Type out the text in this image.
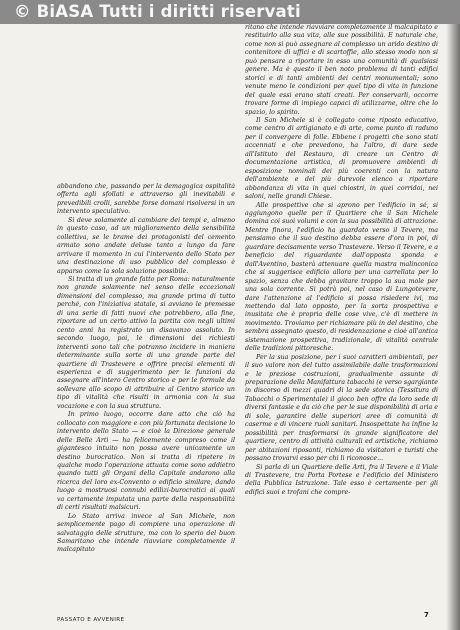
© BiASA Tutti i diritti riservati

abbandono che, passando per la demagogica ospitalità offerta agli sfollati e attraverso gli inevitabili e prevedibili crolli, sarebbe forse domani risolversi in un intervento speculativo.

Si deve solamente al cambiare dei tempi e, almeno in questo caso, ad un miglioramento della sensibilità collettiva, se le brame dei protagonisti del cemento armato sono andate deluse tanto a lungo da fare arrivare il momento in cui l'intervento dello Stato per una destinazione di uso pubblico del complesso è apparso come la sola soluzione possibile.

Si tratta di un grande fatto per Roma: naturalmente non grande solamente nel senso delle eccezionali dimensioni del complesso, ma grande prima di tutto perché, con l'iniziativa statale, si avviano le premesse di una serie di fatti nuovi che potrebbero, alla fine, riportare ad un certo attivo la partita con negli ultimi cento anni ha registrato un disavanzo assoluto. In secondo luogo, poi, le dimensioni dei richiesti interventi sono tali che potranno incidere in maniera determinante sulla sorte di una grande parte del quartiere di Trastevere e offrire precisi elementi di esperienza e di suggerimento per le funzioni da assegnare all'intero Centro storico e per le formule da sollevare allo scopo di attribuire al Centro storico un tipo di vitalità che risulti in armonia con la sua vocazione e con la sua struttura.

In primo luogo, occorre dare atto che ciò ha collocato con maggiore e con più fortunata decisione lo intervento dello Stato — e cioè la Direzione generale delle Belle Arti — ha felicemente compreso come il gigantesco intuito non possa avere unicamente un destino burocratico. Non si tratta di ripetere in qualche modo l'operazione attuata come sono addietro quando tutti gli Organi della Capitale andarono alla ricerca del loro ex-Convento o edificio similare, dando luogo a mostruosi connubi edilizi-burocratici ai quali va certamente imputata una parte della responsabilità di certi risultati malsicuri.

Lo Stato arriva invece al San Michele, non semplicemente pago di compiere una operazione di salvataggio delle strutture, ma con lo sperio del buon Samaritano che intende riavviare completamente il malcapitato

ritano che intende riavviare completamente il malcapitato e restituirlo alla sua vita, alle sue possibilità. E naturale che, come non si può assegnare al complesso un arido destino di contenitore di uffici e di scartoffie, allo stesso modo non si può pensare a riportare in esso una comunità di qualsiasi genere. Ma è questo il ben noto problema di tanti edifici storici e di tanti ambienti dei centri monumentali; sono venute meno le condizioni per quel tipo di vita in funzione del quale essi erano stati creati. Per conservarli, occorre trovare forme di impiego capaci di utilizzarne, oltre che lo spazio, lo spirito.

Il San Michele si è collegato come riposto educativo, come centro di artigianato e di arte, come punto di raduno per il convergere di folle. Ebbene i progetti che sono stati accennati e che prevedono, ha l'altro, di dare sede all'Istituto del Restauro, di creare un Centro di documentazione artistica, di promuovere ambienti di esposizione nominali dei più coerenti con la natura dell'ambiente e del più durevole elenco a riportare abbondanza di vita in quei chiostri, in quei corridoi, nei saloni, nelle grandi Chiese.

Alle prospettive che si aprono per l'edificio in sé, si aggiungono quelle per il Quartiere che il San Michele domina coi suoi volumi e con la sua possibilità di attrazione. Mentre finora, l'edificio ha guardato verso il Tevere, ma pensiamo che il suo destino debba essere d'ora in poi, di guardare decisamente verso Trastevere. Verso il Tevere, e a beneficio del riguardante dall'opposta sponda e dall'Aventino, basterà attenuare quella mastra malinconica che si suggerisce edificio allora per una carrellata per lo spazio, senza che debba gravitare troppo la sua mole per una sola corrente. Si potrà poi, nel caso di Lungotevere, dare l'attenzione al l'edificio si possa risiedere ivi, ma mettendo dal lato opposto, per la sorta prospettiva e inusitata che è propria delle cose vive, c'è di mettere in movimento. Troviamo per richiamare più in del destino, che sembra assegnato questo, di residenzazione e cioè all'antica sistemazione prospettiva, tradizionale, di vitalità centrale delle tradizioni pittoresche.

Per la sua posizione, per i suoi caratteri ambientali, per il suo valore non del tutto assimilabile dalle trasformazioni e le preziose costruzioni, gradualmente assunte di preparazione della Manifattura tabacchi (e verso sgargiante in discorso di mezzi quadri di la sede storica (Tessitura di Tabacchi o Sperimentale) il gioco ben offre da loro sede di diversi fantasie e da ciò che per le sue disponibilità di aria e di sole, garantire delle superiori aree di comunità di caserme e di vincere ruoli sanitari. Insospettate ha infine la possibilità per trasformarsi in grande significatore del quartiere, centro di attività culturali ed artistiche, richiamo per abitazioni riposanti, richiamo da visitatori e turisti che possano trovarvi esso per chi li riconosce...

Si parla di un Quartiere delle Arti, fra il Tevere e il Viale di Trastevere, tra Porta Portese e l'edificio del Ministero della Pubblica Istruzione. Tale esso è certamente per gli edifici suoi e trofani che compre-

PASSATO E AVVENIRE
7
